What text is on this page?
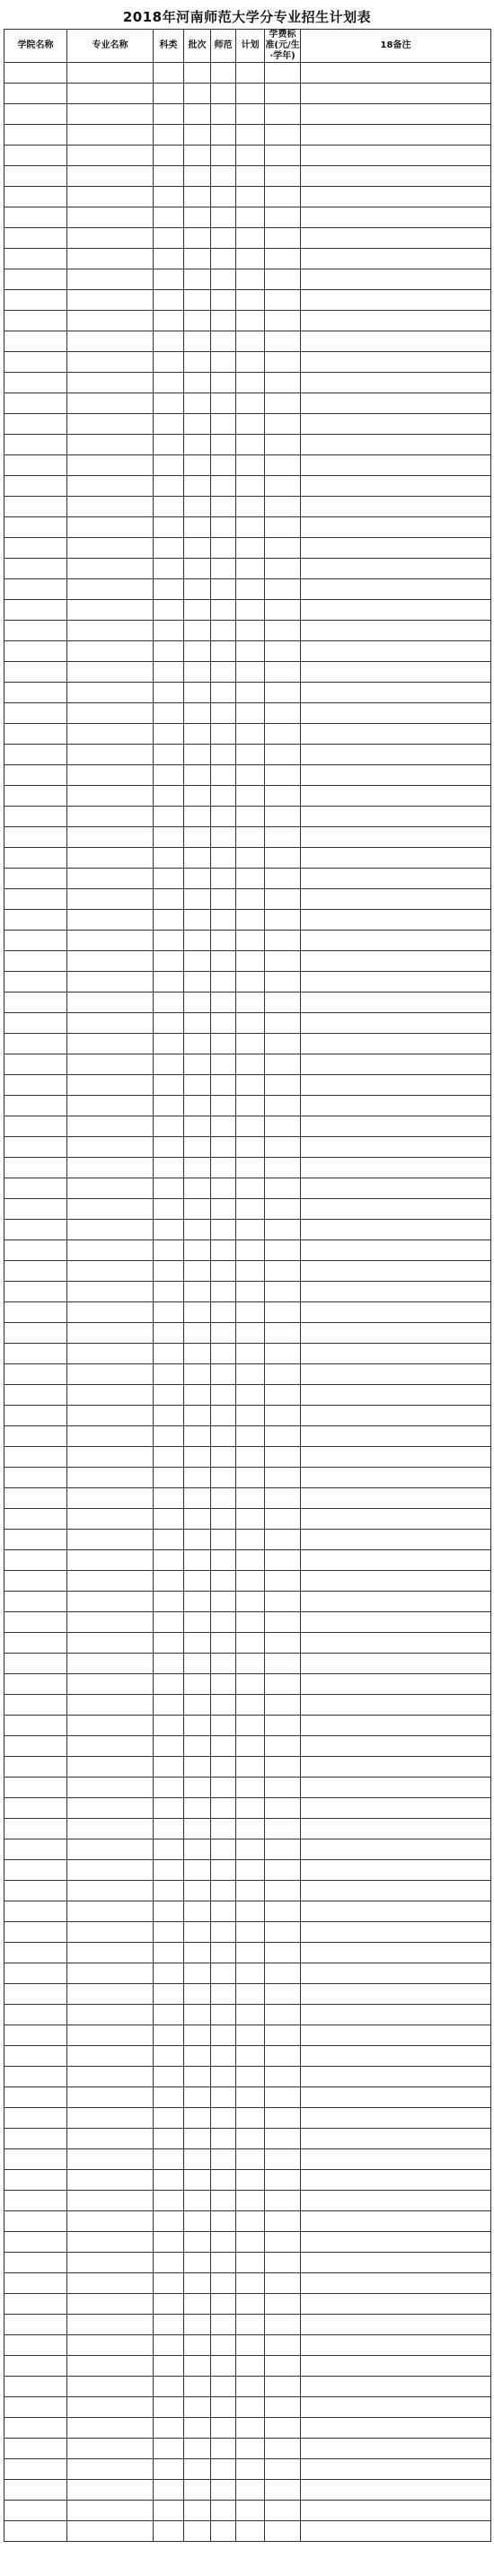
2018年河南师范大学分专业招生计划表
学院名称	专业名称	科类	批次	师范	计划	学费标准(元/生·学年)	18备注
